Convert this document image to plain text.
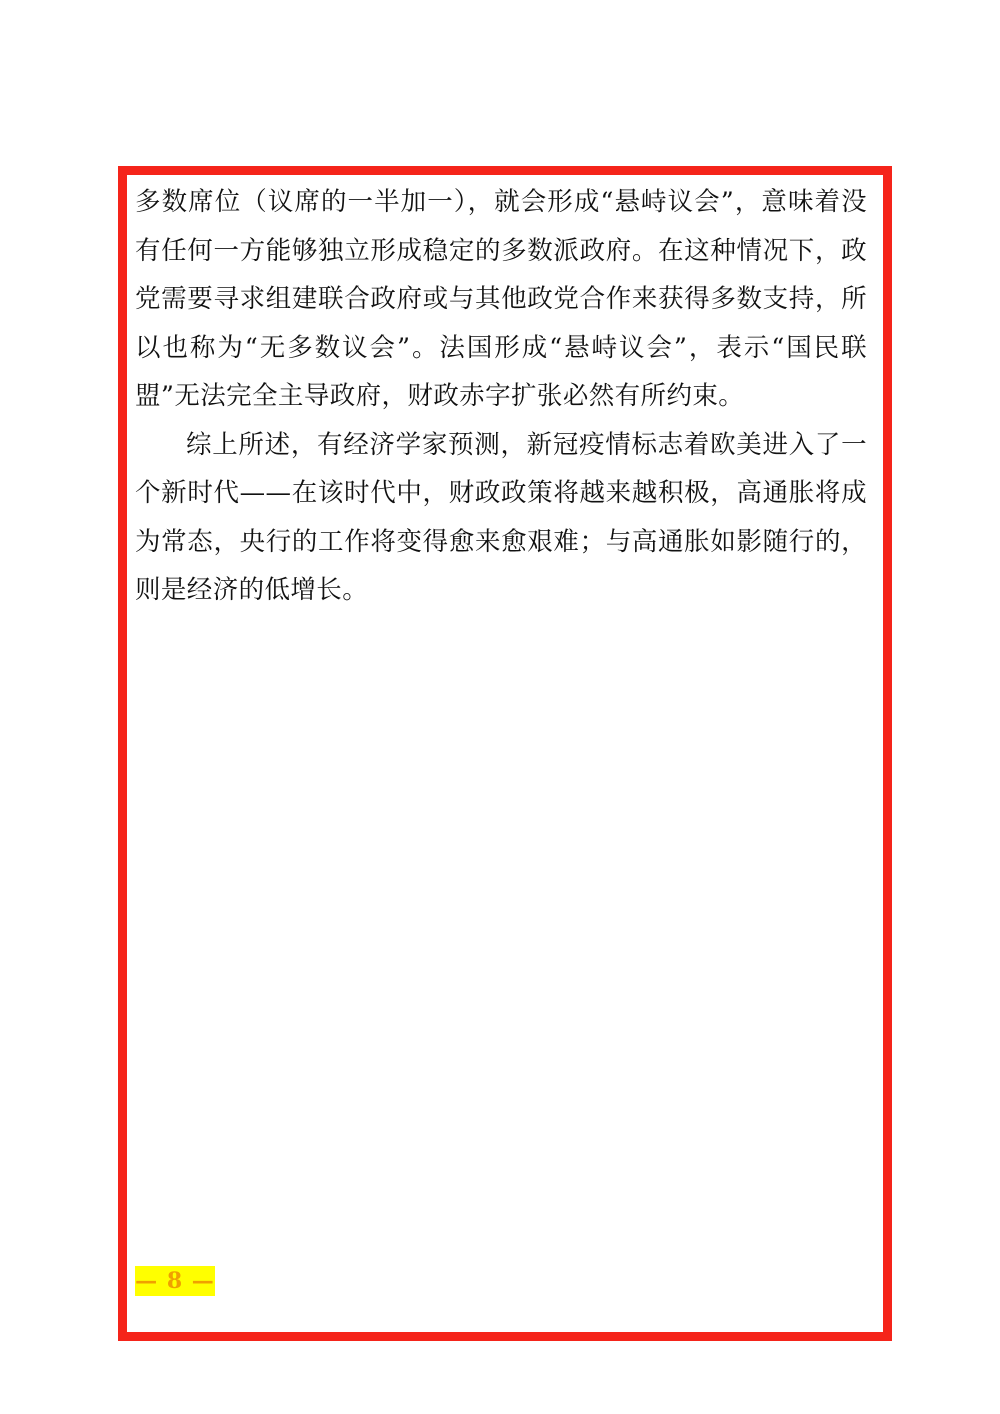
多数席位（议席的一半加一），就会形成“悬峙议会”，意味着没有任何一方能够独立形成稳定的多数派政府。在这种情况下，政党需要寻求组建联合政府或与其他政党合作来获得多数支持，所以也称为“无多数议会”。法国形成“悬峙议会”，表示“国民联盟”无法完全主导政府，财政赤字扩张必然有所约束。

综上所述，有经济学家预测，新冠疫情标志着欧美进入了一个新时代——在该时代中，财政政策将越来越积极，高通胀将成为常态，央行的工作将变得愈来愈艰难；与高通胀如影随行的，则是经济的低增长。

— 8 —
